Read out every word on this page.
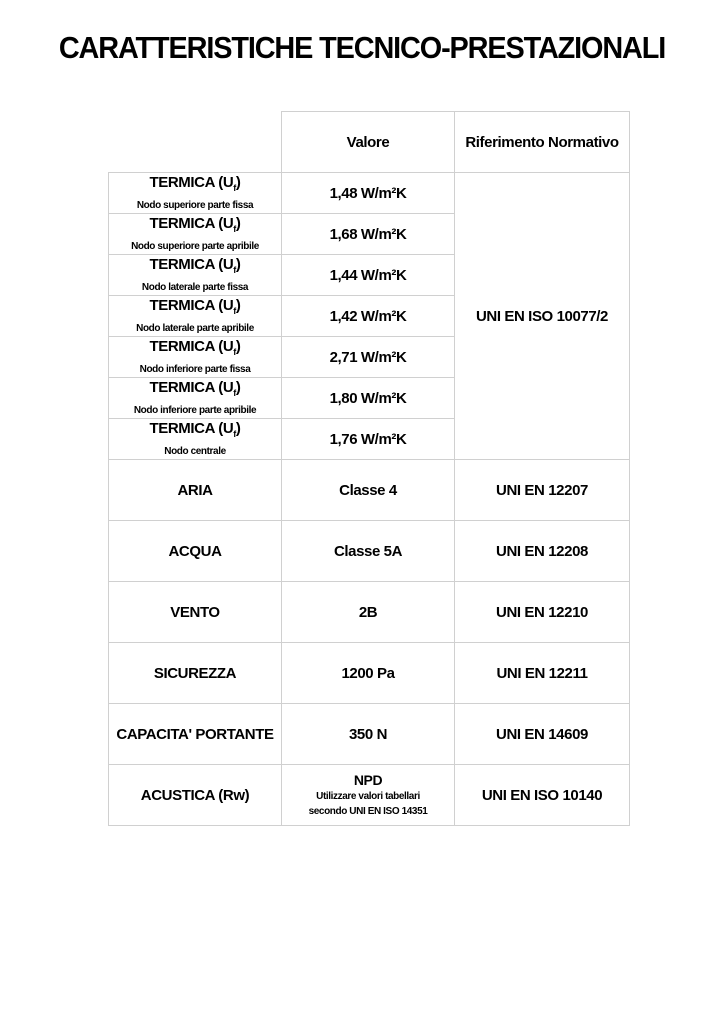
CARATTERISTICHE TECNICO-PRESTAZIONALI
	Valore	Riferimento Normativo

TERMICA $(U_f)$
Nodo superiore parte fissa	1,48 W/m²K	UNI EN ISO 10077/2

TERMICA $(U_f)$
Nodo superiore parte apribile	1,68 W/m²K	

TERMICA $(U_f)$
Nodo laterale parte fissa	1,44 W/m²K	

TERMICA $(U_f)$
Nodo laterale parte apribile	1,42 W/m²K	

TERMICA $(U_f)$
Nodo inferiore parte fissa	2,71 W/m²K	

TERMICA $(U_f)$
Nodo inferiore parte apribile	1,80 W/m²K	

TERMICA $(U_f)$
Nodo centrale	1,76 W/m²K	
ARIA	Classe 4	UNI EN 12207
ACQUA	Classe 5A	UNI EN 12208
VENTO	2B	UNI EN 12210
SICUREZZA	1200 Pa	UNI EN 12211
CAPACITA' PORTANTE	350 N	UNI EN 14609
ACUSTICA (Rw)	NPD
Utilizzare valori tabellari
secondo UNI EN ISO 14351	UNI EN ISO 10140
